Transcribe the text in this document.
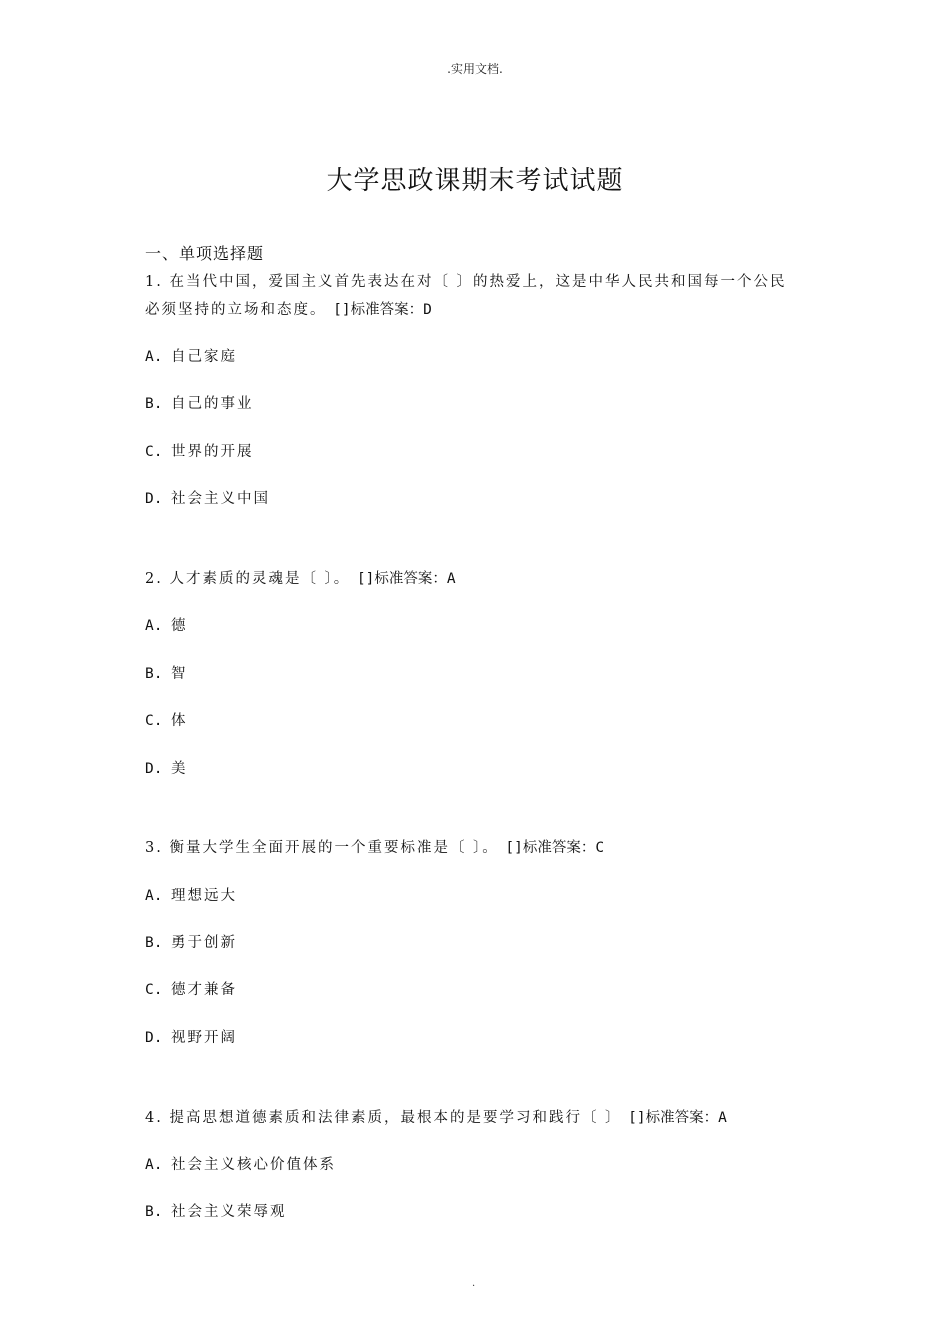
.实用文档.
大学思政课期末考试试题
一、单项选择题
1. 在当代中国，爱国主义首先表达在对〔 〕的热爱上，这是中华人民共和国每一个公民
必须坚持的立场和态度。 []标准答案：D
A. 自己家庭
B. 自己的事业
C. 世界的开展
D. 社会主义中国
2. 人才素质的灵魂是〔 〕。 []标准答案：A
A. 德
B. 智
C. 体
D. 美
3. 衡量大学生全面开展的一个重要标准是〔 〕。 []标准答案：C
A. 理想远大
B. 勇于创新
C. 德才兼备
D. 视野开阔
4. 提高思想道德素质和法律素质，最根本的是要学习和践行〔 〕 []标准答案：A
A. 社会主义核心价值体系
B. 社会主义荣辱观
.
